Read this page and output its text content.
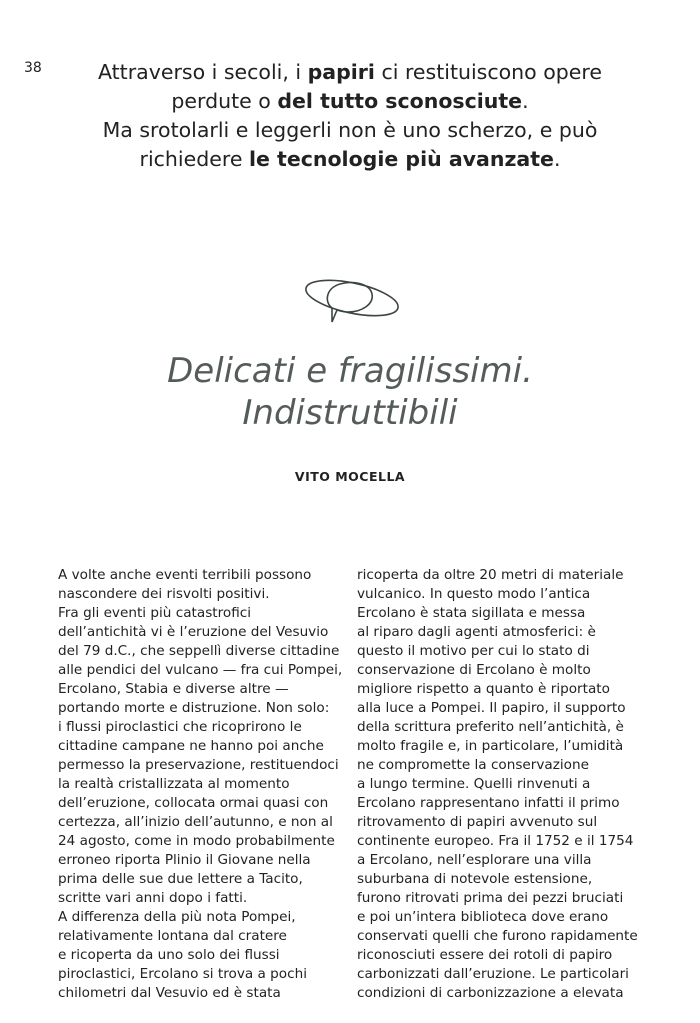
38	Attraverso i secoli, i papiri ci restituiscono opere
perdute o del tutto sconosciute.
Ma srotolarli e leggerli non è uno scherzo, e può
richiedere le tecnologie più avanzate.

Delicati e fragilissimi.
Indistruttibili
VITO MOCELLA
A volte anche eventi terribili possono
nascondere dei risvolti positivi.
Fra gli eventi più catastrofici
dell’antichità vi è l’eruzione del Vesuvio
del 79 d.C., che seppellì diverse cittadine
alle pendici del vulcano — fra cui Pompei,
Ercolano, Stabia e diverse altre —
portando morte e distruzione. Non solo:
i flussi piroclastici che ricoprirono le
cittadine campane ne hanno poi anche
permesso la preservazione, restituendoci
la realtà cristallizzata al momento
dell’eruzione, collocata ormai quasi con
certezza, all’inizio dell’autunno, e non al
24 agosto, come in modo probabilmente
erroneo riporta Plinio il Giovane nella
prima delle sue due lettere a Tacito,
scritte vari anni dopo i fatti.
A differenza della più nota Pompei,
relativamente lontana dal cratere
e ricoperta da uno solo dei flussi
piroclastici, Ercolano si trova a pochi
chilometri dal Vesuvio ed è stata
ricoperta da oltre 20 metri di materiale
vulcanico. In questo modo l’antica
Ercolano è stata sigillata e messa
al riparo dagli agenti atmosferici: è
questo il motivo per cui lo stato di
conservazione di Ercolano è molto
migliore rispetto a quanto è riportato
alla luce a Pompei. Il papiro, il supporto
della scrittura preferito nell’antichità, è
molto fragile e, in particolare, l’umidità
ne compromette la conservazione
a lungo termine. Quelli rinvenuti a
Ercolano rappresentano infatti il primo
ritrovamento di papiri avvenuto sul
continente europeo. Fra il 1752 e il 1754
a Ercolano, nell’esplorare una villa
suburbana di notevole estensione,
furono ritrovati prima dei pezzi bruciati
e poi un’intera biblioteca dove erano
conservati quelli che furono rapidamente
riconosciuti essere dei rotoli di papiro
carbonizzati dall’eruzione. Le particolari
condizioni di carbonizzazione a elevata
